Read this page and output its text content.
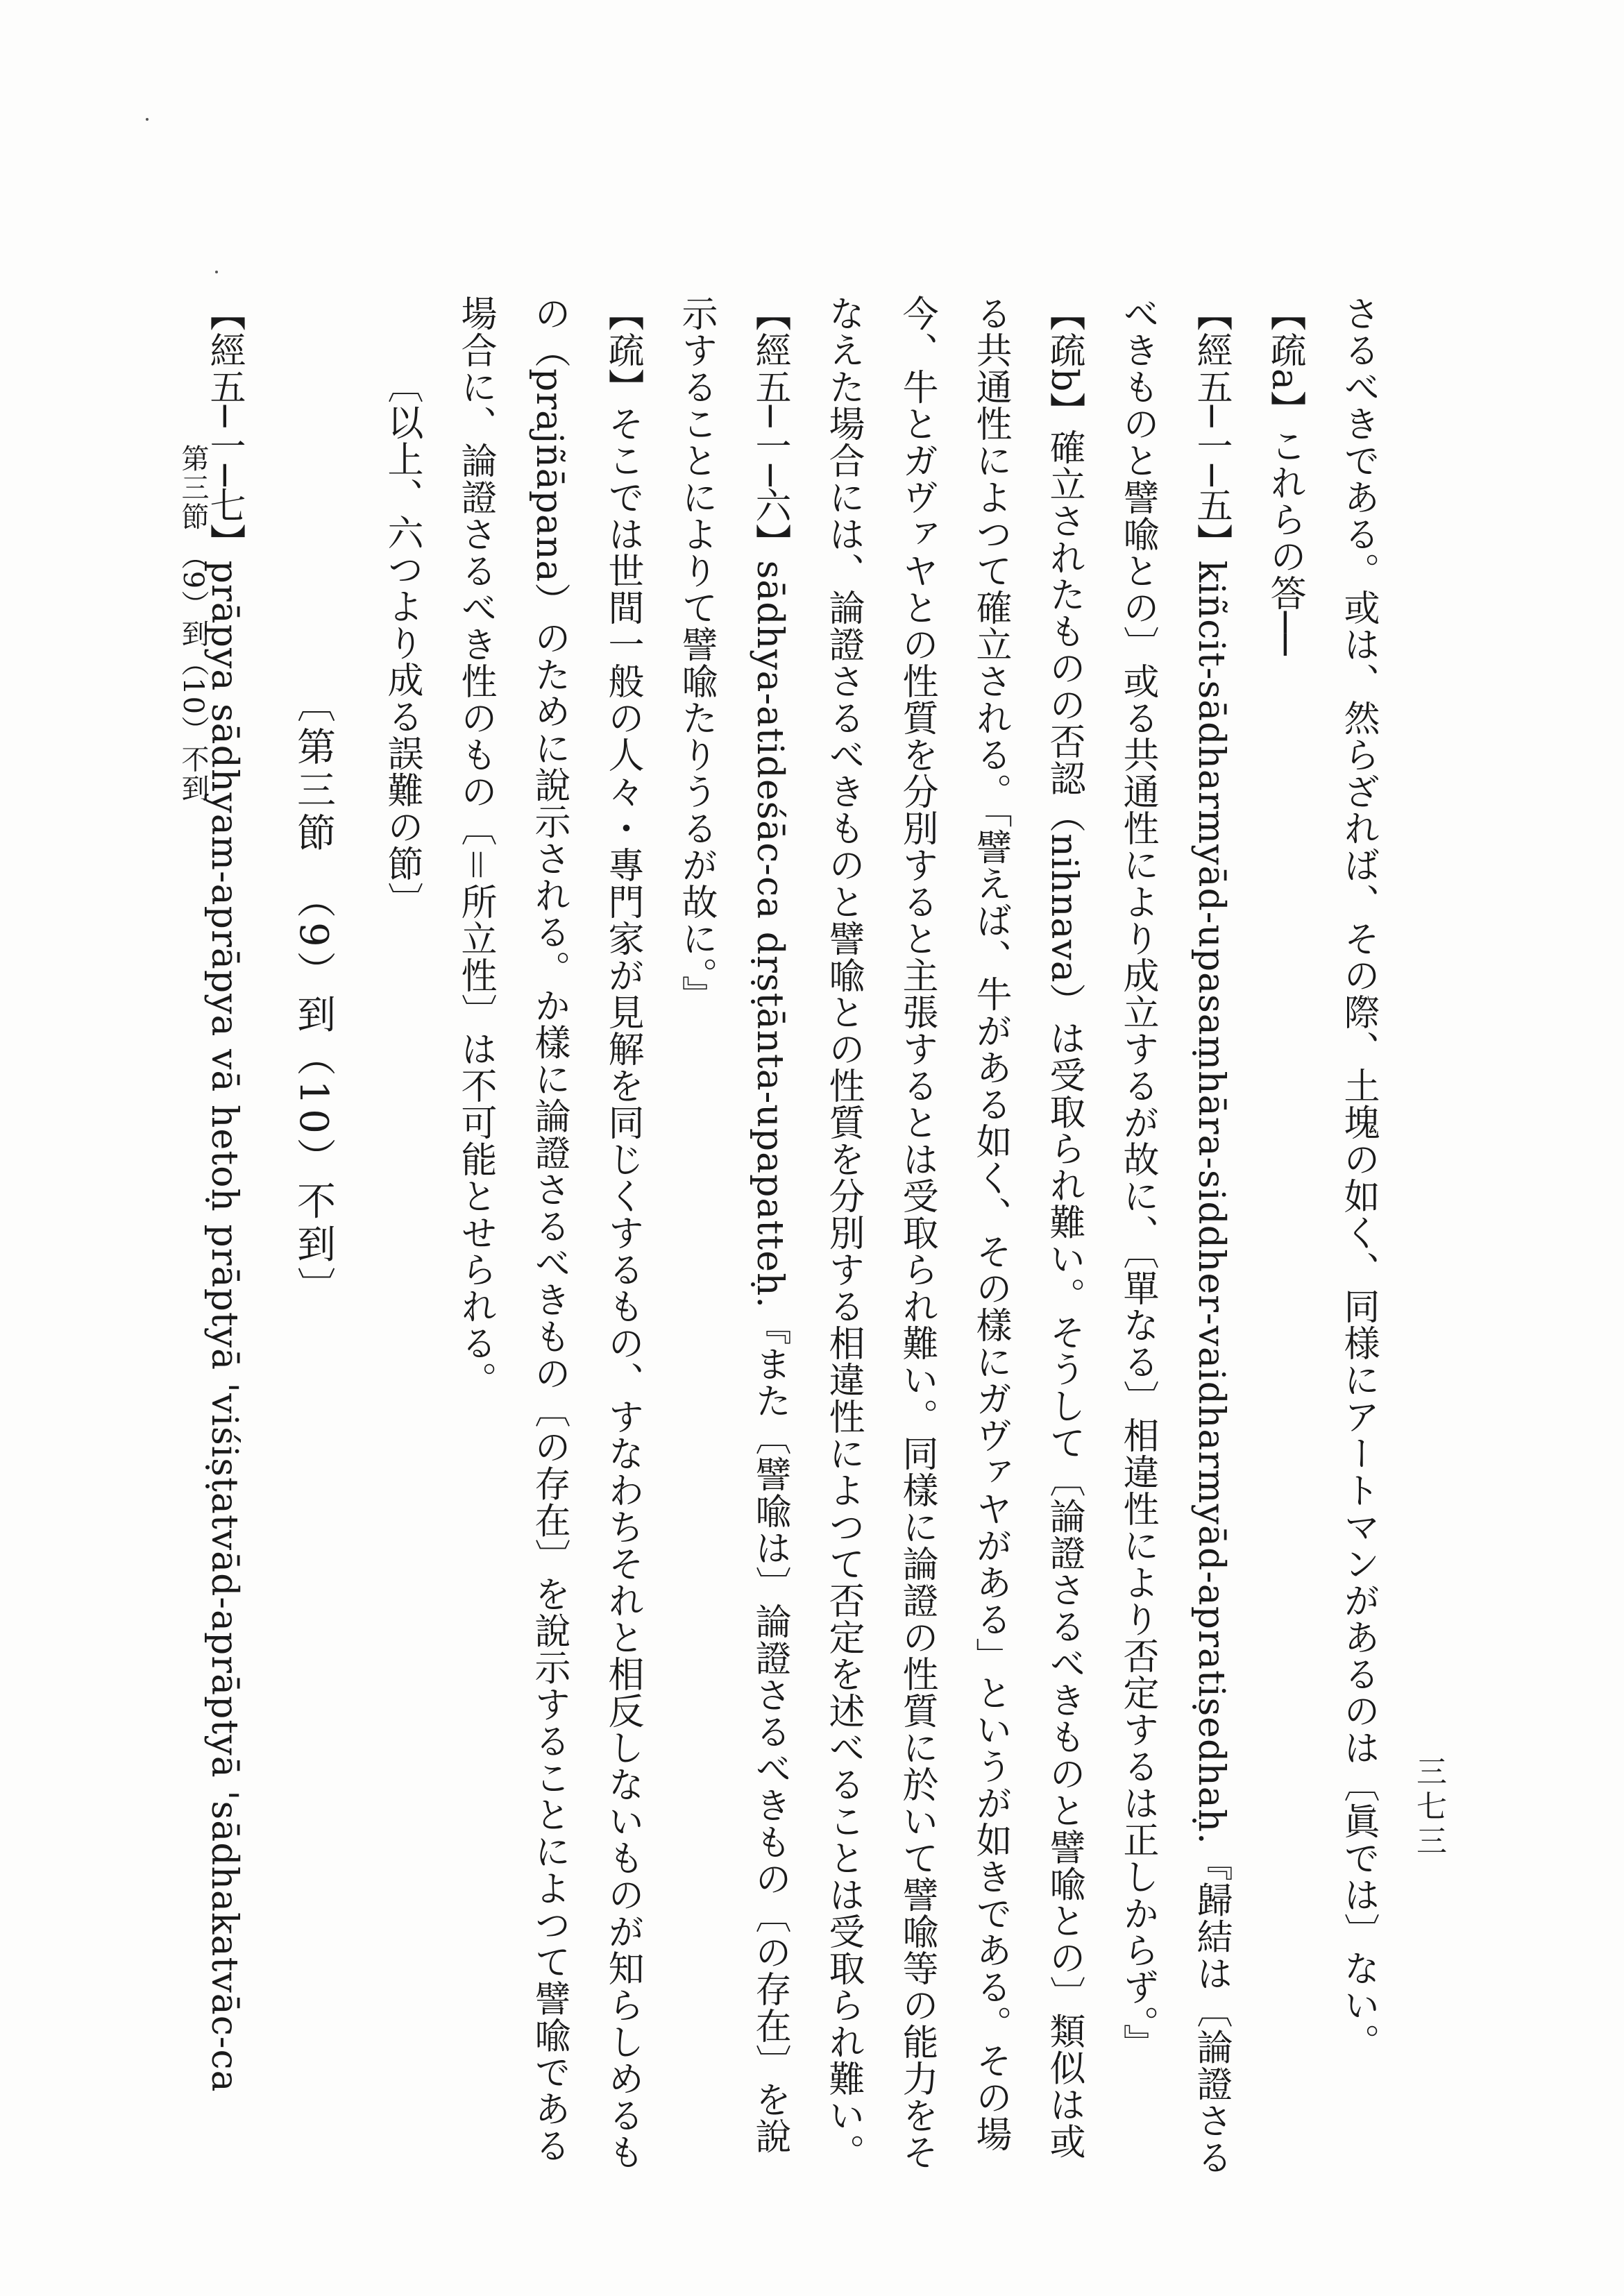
さるべきである。或は、然らざれば、その際、土塊の如く、同様にアートマンがあるのは〔眞では〕ない。

【疏a】これらの答──

【經五─一─五】kiñcit-sādharmyād-upasaṃhāra-siddher-vaidharmyād-apratiṣedhaḥ.『歸結は〔論證さる

べきものと譬喩との〕或る共通性により成立するが故に、〔單なる〕相違性により否定するは正しからず。』

【疏b】確立されたものの否認（nihnava）は受取られ難い。そうして〔論證さるべきものと譬喩との〕類似は或

る共通性によつて確立される。「譬えば、牛がある如く、その樣にガヴァヤがある」というが如きである。その場

今、牛とガヴァヤとの性質を分別すると主張するとは受取られ難い。同樣に論證の性質に於いて譬喩等の能力をそ

なえた場合には、論證さるべきものと譬喩との性質を分別する相違性によつて否定を述べることは受取られ難い。

【經五─一─六】sādhya-atideśāc-ca dṛṣṭānta-upapatteḥ.『また〔譬喩は〕論證さるべきもの〔の存在〕を說

示することによりて譬喩たりうるが故に。』

【疏】そこでは世間一般の人々・專門家が見解を同じくするもの、すなわちそれと相反しないものが知らしめるも

の（prajñāpana）のために說示される。か樣に論證さるべきもの〔の存在〕を說示することによつて譬喩である

場合に、論證さるべき性のもの〔＝所立性〕は不可能とせられる。

〔以上、六つより成る誤難の節〕

〔第三節　（9）到（10）不到〕

【經五─一─七】prāpya sādhyam-aprāpya vā hetoḥ prāptyā 'viśiṣṭatvād-aprāptyā 'sādhakatvāc-ca	三七三
第三節 （9）到（10）不到
